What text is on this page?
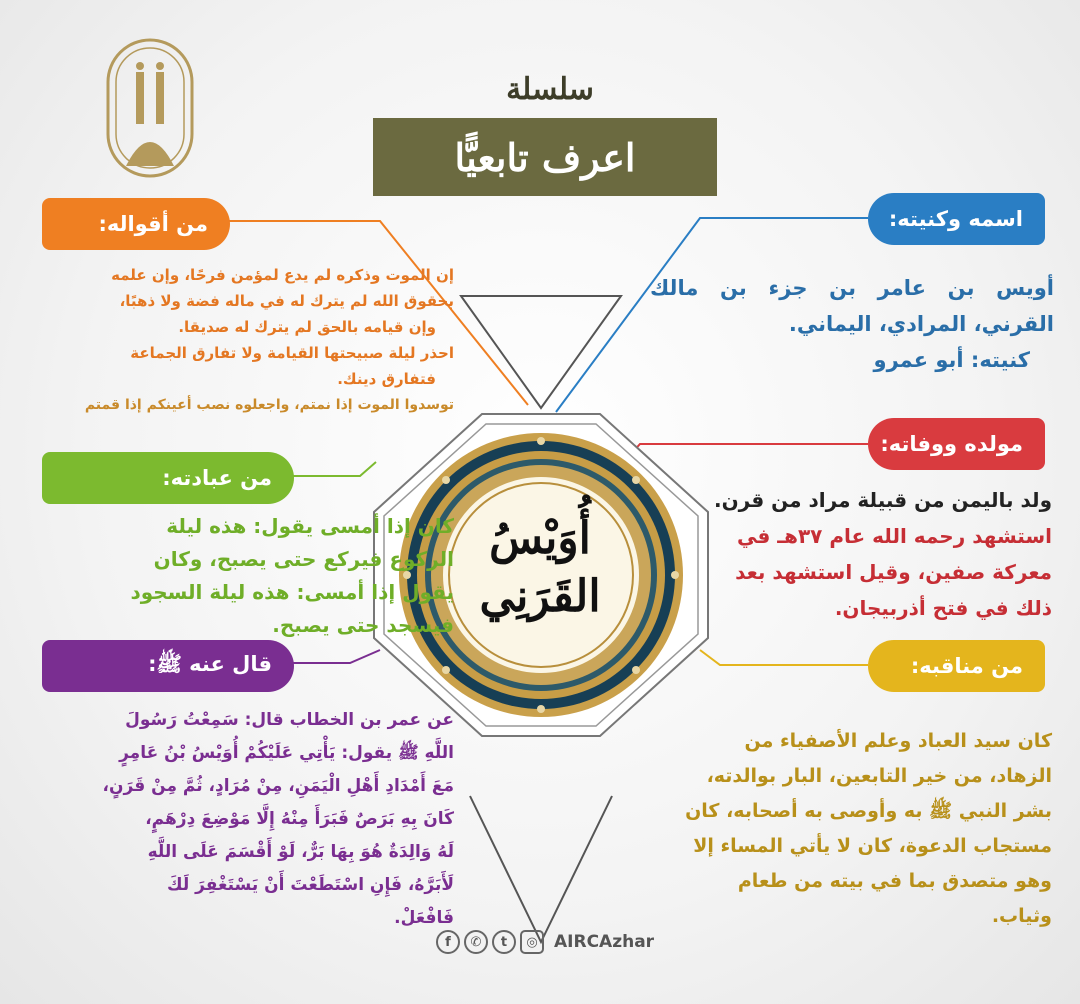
سلسلة
اعرف تابعيًّا
أُوَيْسُ
القَرَنِي
اسمه وكنيته:
أويس بن عامر بن جزء بن مالك
القرني، المرادي، اليماني.
كنيته: أبو عمرو
مولده ووفاته:
ولد باليمن من قبيلة مراد من قرن.
استشهد رحمه الله عام ٣٧هـ في
معركة صفين، وقيل استشهد بعد
ذلك في فتح أذربيجان.
من مناقبه:
كان سيد العباد وعلم الأصفياء من
الزهاد، من خير التابعين، البار بوالدته،
بشر النبي ﷺ به وأوصى به أصحابه، كان
مستجاب الدعوة، كان لا يأتي المساء إلا
وهو متصدق بما في بيته من طعام
وثياب.
من أقواله:
إن الموت وذكره لم يدع لمؤمن فرحًا، وإن علمه
بحقوق الله لم يترك له في ماله فضة ولا ذهبًا،
وإن قيامه بالحق لم يترك له صديقا.
احذر ليلة صبيحتها القيامة ولا تفارق الجماعة
فتفارق دينك.
توسدوا الموت إذا نمتم، واجعلوه نصب أعينكم إذا قمتم
من عبادته:
كان إذا أمسى يقول: هذه ليلة
الركوع فيركع حتى يصبح، وكان
يقول إذا أمسى: هذه ليلة السجود
فيسجد حتى يصبح.
قال عنه ﷺ:
عن عمر بن الخطاب قال: سَمِعْتُ رَسُولَ
اللَّهِ ﷺ يقول: يَأْتِي عَلَيْكُمْ أُوَيْسُ بْنُ عَامِرٍ
مَعَ أَمْدَادِ أَهْلِ الْيَمَنِ، مِنْ مُرَادٍ، ثُمَّ مِنْ قَرَنٍ،
كَانَ بِهِ بَرَصٌ فَبَرَأَ مِنْهُ إِلَّا مَوْضِعَ دِرْهَمٍ،
لَهُ وَالِدَةٌ هُوَ بِهَا بَرٌّ، لَوْ أَقْسَمَ عَلَى اللَّهِ
لَأَبَرَّهُ، فَإِنِ اسْتَطَعْتَ أَنْ يَسْتَغْفِرَ لَكَ
فَافْعَلْ.
f	✆	t	◎ AIRCAzhar
